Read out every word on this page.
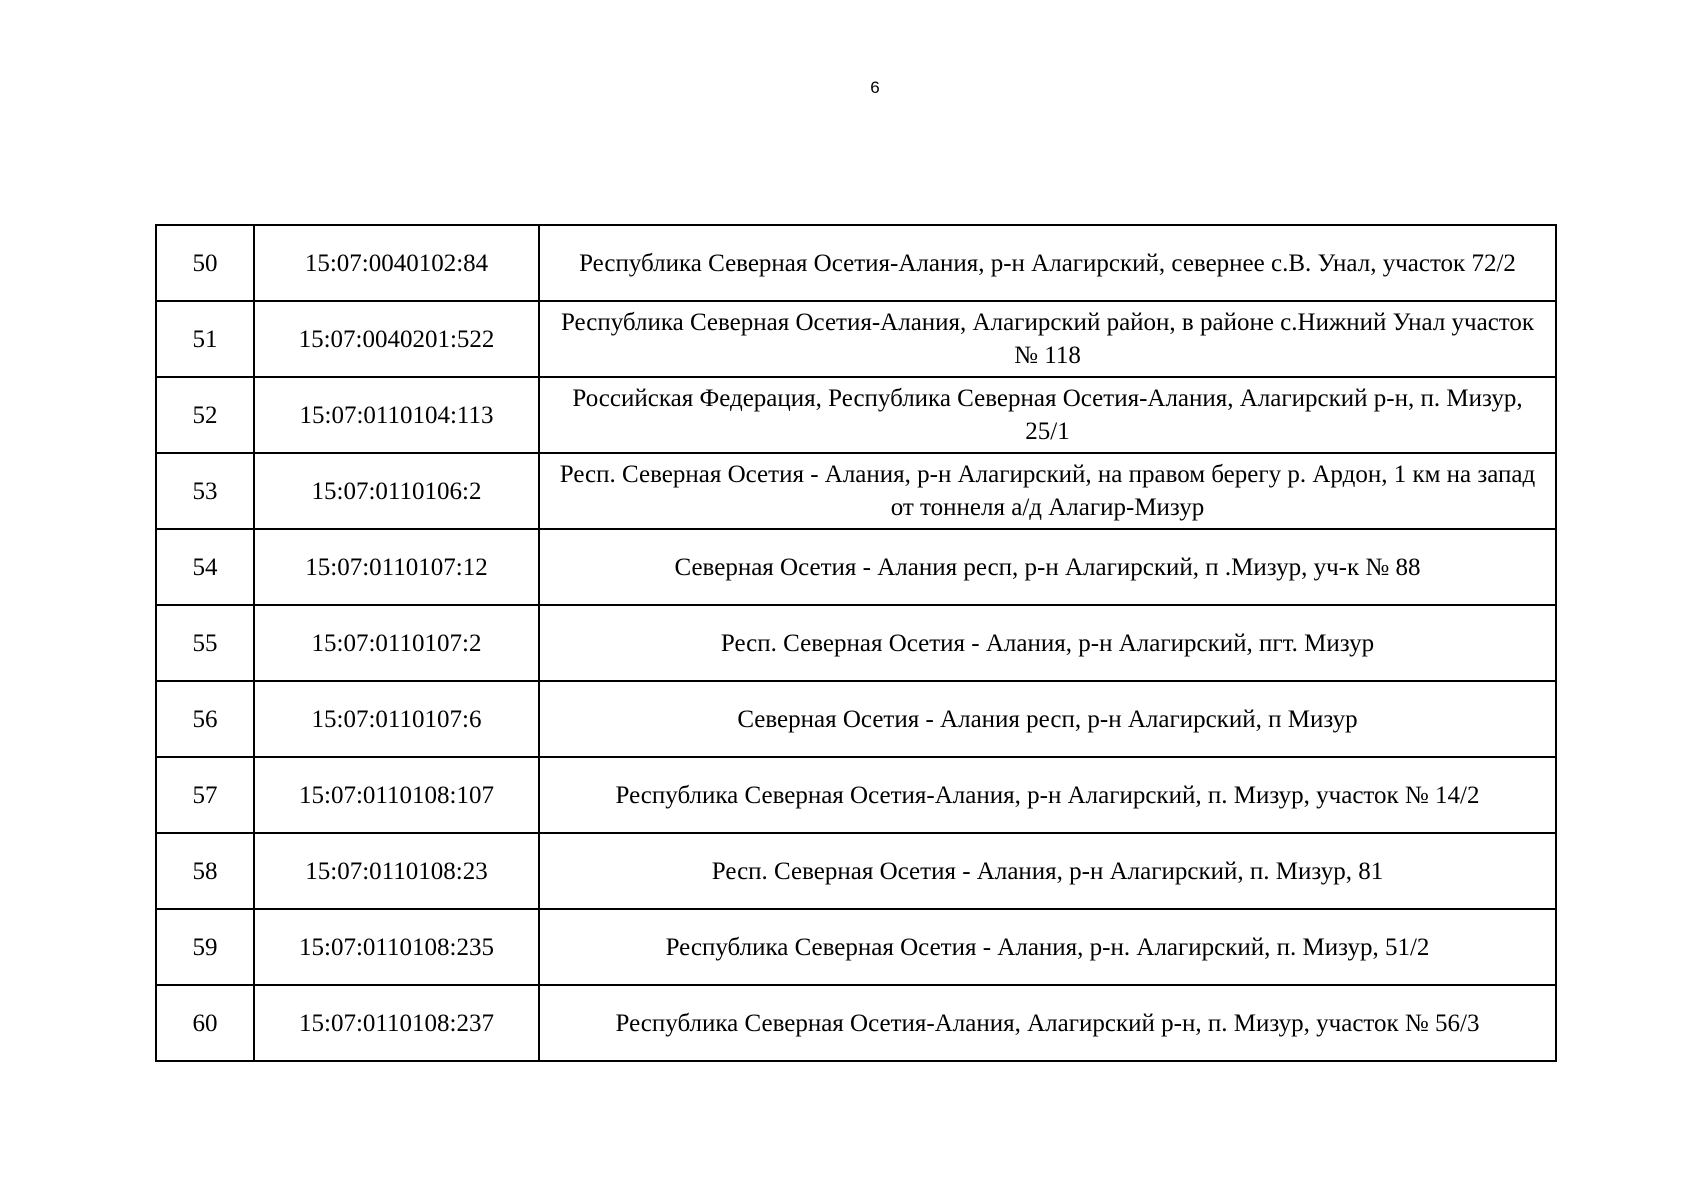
6
50	15:07:0040102:84	Республика Северная Осетия-Алания, р-н Алагирский, севернее с.В. Унал, участок 72/2
51	15:07:0040201:522	Республика Северная Осетия-Алания, Алагирский район, в районе с.Нижний Унал участок № 118
52	15:07:0110104:113	Российская Федерация, Республика Северная Осетия-Алания, Алагирский р-н, п. Мизур, 25/1
53	15:07:0110106:2	Респ. Северная Осетия - Алания, р-н Алагирский, на правом берегу р. Ардон, 1 км на запад от тоннеля а/д Алагир-Мизур
54	15:07:0110107:12	Северная Осетия - Алания респ, р-н Алагирский, п .Мизур, уч-к № 88
55	15:07:0110107:2	Респ. Северная Осетия - Алания, р-н Алагирский, пгт. Мизур
56	15:07:0110107:6	Северная Осетия - Алания респ, р-н Алагирский, п Мизур
57	15:07:0110108:107	Республика Северная Осетия-Алания, р-н Алагирский, п. Мизур, участок № 14/2
58	15:07:0110108:23	Респ. Северная Осетия - Алания, р-н Алагирский, п. Мизур, 81
59	15:07:0110108:235	Республика Северная Осетия - Алания, р-н. Алагирский, п. Мизур, 51/2
60	15:07:0110108:237	Республика Северная Осетия-Алания, Алагирский р-н, п. Мизур, участок № 56/3
